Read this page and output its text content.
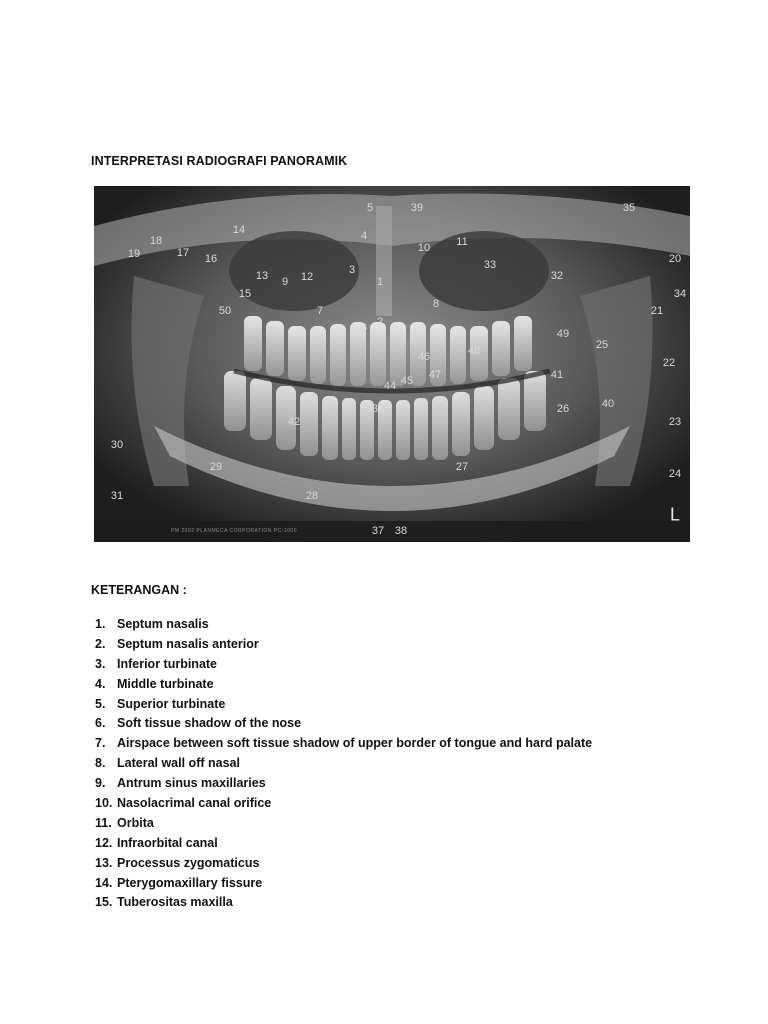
INTERPRETASI RADIOGRAFI PANORAMIK
5	39	35
4
10 11
14
18
19	17 16
3
1
13 9 12
33
32
20
34
15
50
8
21
7
6 2
49
25
46	48
22
47
45
44
41
43
40
26
36
23
42
30
29	27
24
28
31
37 38
L
PM 2002 PLANMECA CORPORATION PC-1000
KETERANGAN :
1. Septum nasalis
2. Septum nasalis anterior
3. Inferior turbinate
4. Middle turbinate
5. Superior turbinate
6. Soft tissue shadow of the nose
7. Airspace between soft tissue shadow of upper border of tongue and hard palate
8. Lateral wall off nasal
9. Antrum sinus maxillaries
10. Nasolacrimal canal orifice
11. Orbita
12. Infraorbital canal
13. Processus zygomaticus
14. Pterygomaxillary fissure
15. Tuberositas maxilla
